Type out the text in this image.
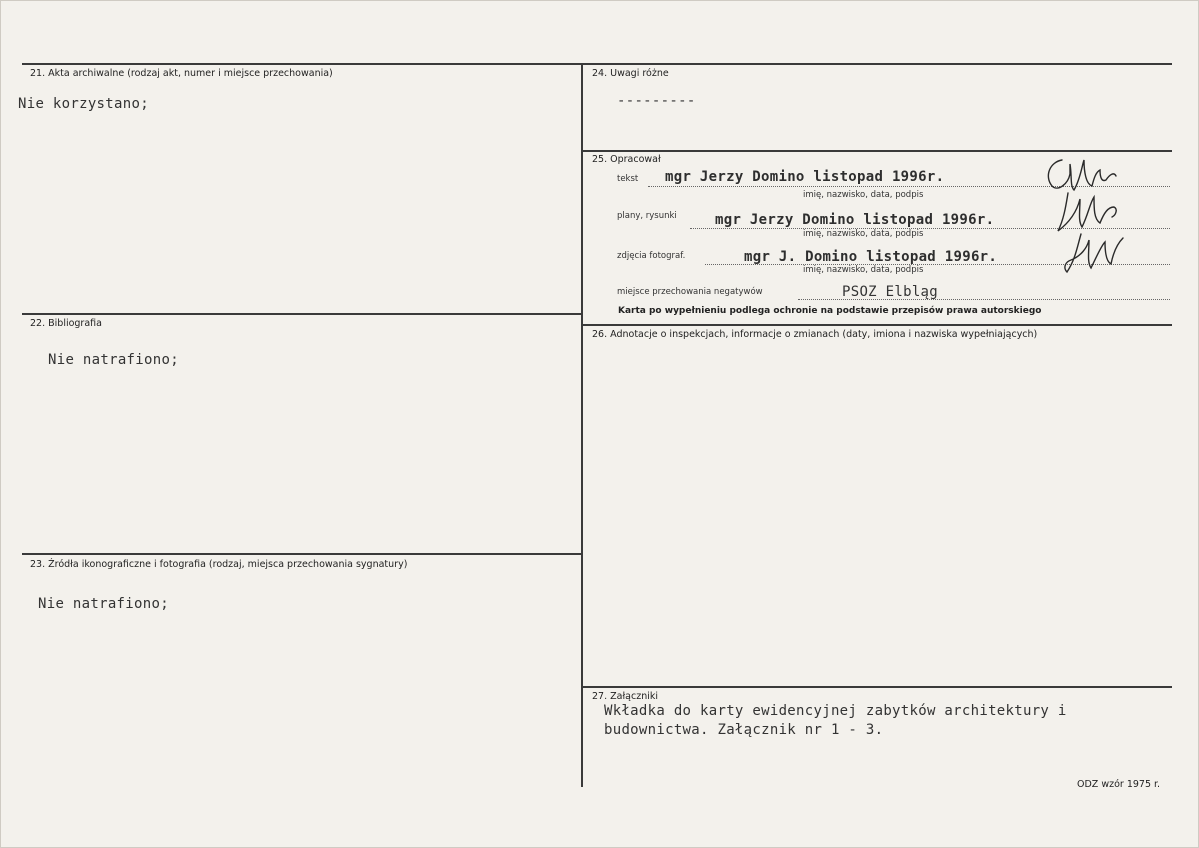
21. Akta archiwalne (rodzaj akt, numer i miejsce przechowania)
Nie korzystano;
22. Bibliografia
Nie natrafiono;
23. Źródła ikonograficzne i fotografia (rodzaj, miejsca przechowania sygnatury)
Nie natrafiono;
24. Uwagi różne
---------
25. Opracował
tekst mgr Jerzy Domino listopad 1996r.
imię, nazwisko, data, podpis
plany, rysunki	mgr Jerzy Domino listopad 1996r.
imię, nazwisko, data, podpis
zdjęcia fotograf.	mgr J. Domino listopad 1996r.
imię, nazwisko, data, podpis
miejsce przechowania negatywów	PSOZ Elbląg
Karta po wypełnieniu podlega ochronie na podstawie przepisów prawa autorskiego
26. Adnotacje o inspekcjach, informacje o zmianach (daty, imiona i nazwiska wypełniających)
27. Załączniki
Wkładka do karty ewidencyjnej zabytków architektury i
budownictwa. Załącznik nr 1 - 3.
ODZ wzór 1975 r.
